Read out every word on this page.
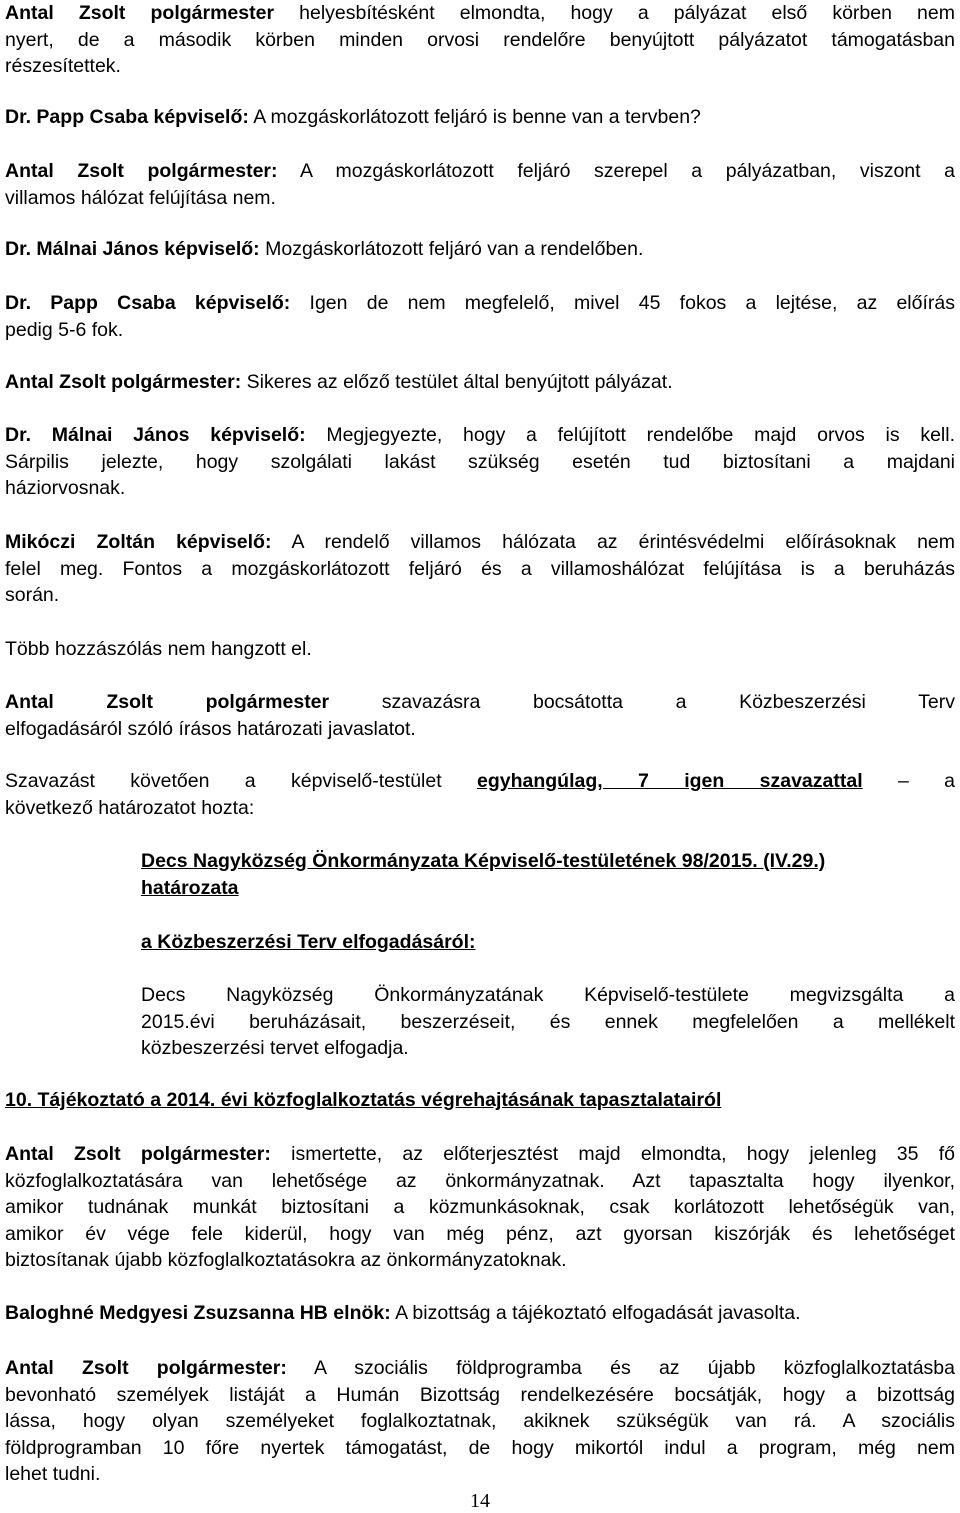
Antal Zsolt polgármester helyesbítésként elmondta, hogy a pályázat első körben nem
nyert, de a második körben minden orvosi rendelőre benyújtott pályázatot támogatásban
részesítettek.
Dr. Papp Csaba képviselő: A mozgáskorlátozott feljáró is benne van a tervben?
Antal Zsolt polgármester: A mozgáskorlátozott feljáró szerepel a pályázatban, viszont a
villamos hálózat felújítása nem.
Dr. Málnai János képviselő: Mozgáskorlátozott feljáró van a rendelőben.
Dr. Papp Csaba képviselő: Igen de nem megfelelő, mivel 45 fokos a lejtése, az előírás
pedig 5-6 fok.
Antal Zsolt polgármester: Sikeres az előző testület által benyújtott pályázat.
Dr. Málnai János képviselő: Megjegyezte, hogy a felújított rendelőbe majd orvos is kell.
Sárpilis jelezte, hogy szolgálati lakást szükség esetén tud biztosítani a majdani
háziorvosnak.
Mikóczi Zoltán képviselő: A rendelő villamos hálózata az érintésvédelmi előírásoknak nem
felel meg. Fontos a mozgáskorlátozott feljáró és a villamoshálózat felújítása is a beruházás
során.
Több hozzászólás nem hangzott el.
Antal Zsolt polgármester szavazásra bocsátotta a Közbeszerzési Terv
elfogadásáról szóló írásos határozati javaslatot.
Szavazást követően a képviselő-testület egyhangúlag, 7 igen szavazattal – a
következő határozatot hozta:
Decs Nagyközség Önkormányzata Képviselő-testületének 98/2015. (IV.29.)
határozata
a Közbeszerzési Terv elfogadásáról:
Decs Nagyközség Önkormányzatának Képviselő-testülete megvizsgálta a
2015.évi beruházásait, beszerzéseit, és ennek megfelelően a mellékelt
közbeszerzési tervet elfogadja.
10. Tájékoztató a 2014. évi közfoglalkoztatás végrehajtásának tapasztalatairól
Antal Zsolt polgármester: ismertette, az előterjesztést majd elmondta, hogy jelenleg 35 fő
közfoglalkoztatására van lehetősége az önkormányzatnak. Azt tapasztalta hogy ilyenkor,
amikor tudnának munkát biztosítani a közmunkásoknak, csak korlátozott lehetőségük van,
amikor év vége fele kiderül, hogy van még pénz, azt gyorsan kiszórják és lehetőséget
biztosítanak újabb közfoglalkoztatásokra az önkormányzatoknak.
Baloghné Medgyesi Zsuzsanna HB elnök: A bizottság a tájékoztató elfogadását javasolta.
Antal Zsolt polgármester: A szociális földprogramba és az újabb közfoglalkoztatásba
bevonható személyek listáját a Humán Bizottság rendelkezésére bocsátják, hogy a bizottság
lássa, hogy olyan személyeket foglalkoztatnak, akiknek szükségük van rá. A szociális
földprogramban 10 főre nyertek támogatást, de hogy mikortól indul a program, még nem
lehet tudni.
14
